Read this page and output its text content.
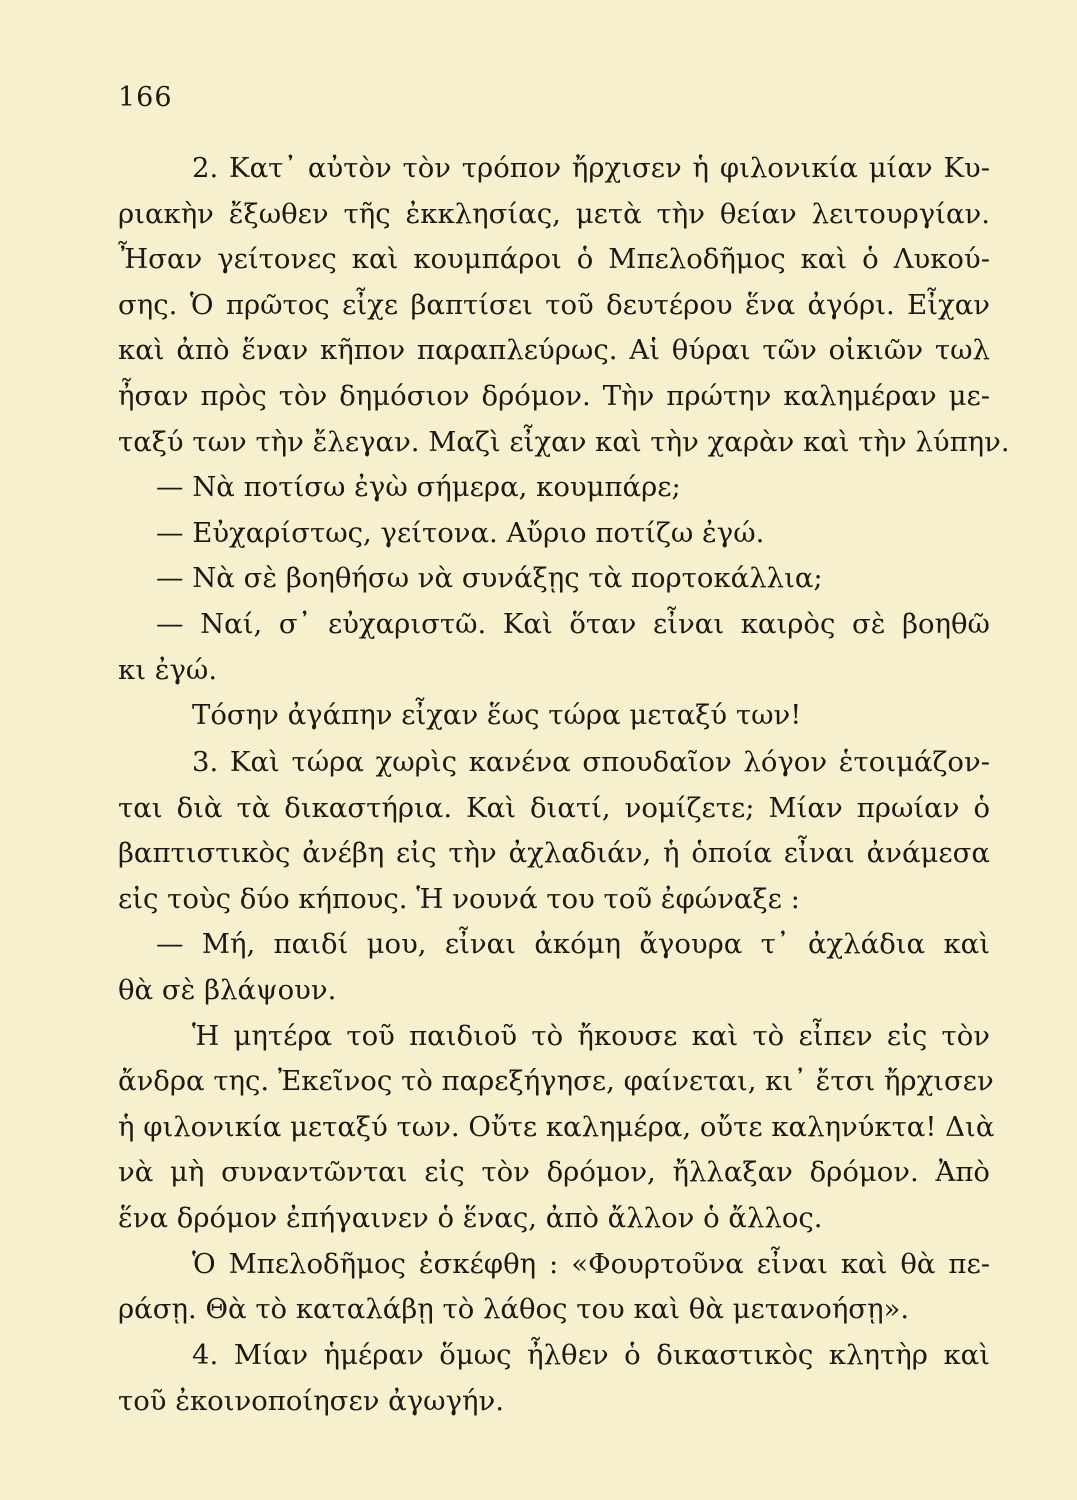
166
2. Κατ᾽ αὐτὸν τὸν τρόπον ἤρχισεν ἡ φιλονικία μίαν Κυ-
ριακὴν ἔξωθεν τῆς ἐκκλησίας, μετὰ τὴν θείαν λειτουργίαν.
Ἦσαν γείτονες καὶ κουμπάροι ὁ Μπελοδῆμος καὶ ὁ Λυκού-
σης. Ὁ πρῶτος εἶχε βαπτίσει τοῦ δευτέρου ἕνα ἀγόρι. Εἶχαν
καὶ ἀπὸ ἕναν κῆπον παραπλεύρως. Αἱ θύραι τῶν οἰκιῶν τωλ
ἦσαν πρὸς τὸν δημόσιον δρόμον. Τὴν πρώτην καλημέραν με-
ταξύ των τὴν ἔλεγαν. Μαζὶ εἶχαν καὶ τὴν χαρὰν καὶ τὴν λύπην.
— Νὰ ποτίσω ἐγὼ σήμερα, κουμπάρε;
— Εὐχαρίστως, γείτονα. Αὔριο ποτίζω ἐγώ.
— Νὰ σὲ βοηθήσω νὰ συνάξῃς τὰ πορτοκάλλια;
— Ναί, σ᾽ εὐχαριστῶ. Καὶ ὅταν εἶναι καιρὸς σὲ βοηθῶ
κι ἐγώ.
Τόσην ἀγάπην εἶχαν ἕως τώρα μεταξύ των!
3. Καὶ τώρα χωρὶς κανένα σπουδαῖον λόγον ἑτοιμάζον-
ται διὰ τὰ δικαστήρια. Καὶ διατί, νομίζετε; Μίαν πρωίαν ὁ
βαπτιστικὸς ἀνέβη εἰς τὴν ἀχλαδιάν, ἡ ὁποία εἶναι ἀνάμεσα
εἰς τοὺς δύο κήπους. Ἡ νουνά του τοῦ ἐφώναξε :
— Μή, παιδί μου, εἶναι ἀκόμη ἄγουρα τ᾽ ἀχλάδια καὶ
θὰ σὲ βλάψουν.
Ἡ μητέρα τοῦ παιδιοῦ τὸ ἤκουσε καὶ τὸ εἶπεν εἰς τὸν
ἄνδρα της. Ἐκεῖνος τὸ παρεξήγησε, φαίνεται, κι᾽ ἔτσι ἤρχισεν
ἡ φιλονικία μεταξύ των. Οὔτε καλημέρα, οὔτε καληνύκτα! Διὰ
νὰ μὴ συναντῶνται εἰς τὸν δρόμον, ἤλλαξαν δρόμον. Ἀπὸ
ἕνα δρόμον ἐπήγαινεν ὁ ἕνας, ἀπὸ ἄλλον ὁ ἄλλος.
Ὁ Μπελοδῆμος ἐσκέφθη : «Φουρτοῦνα εἶναι καὶ θὰ πε-
ράσῃ. Θὰ τὸ καταλάβῃ τὸ λάθος του καὶ θὰ μετανοήσῃ».
4. Μίαν ἡμέραν ὅμως ἦλθεν ὁ δικαστικὸς κλητὴρ καὶ
τοῦ ἐκοινοποίησεν ἀγωγήν.
